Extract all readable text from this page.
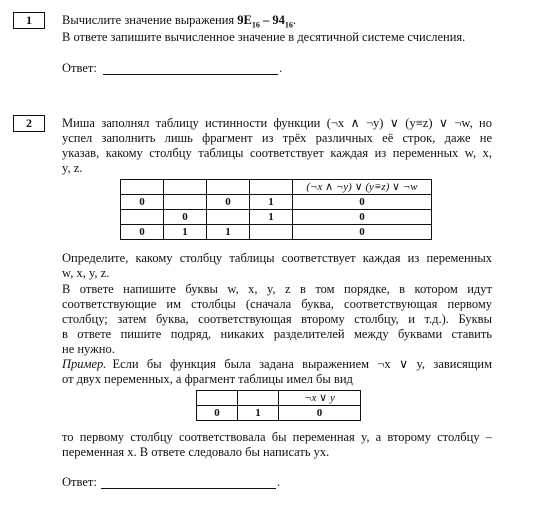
1	Вычислите значение выражения $9E_{16} - 94_{16}$.
В ответе запишите вычисленное значение в десятичной системе счисления.
Ответ:	.
2	Миша заполнял таблицу истинности функции (¬x ∧ ¬y) ∨ (y≡z) ∨ ¬w, но
успел заполнить лишь фрагмент из трёх различных её строк, даже не
указав, какому столбцу таблицы соответствует каждая из переменных w, x,
y, z.
				(¬x ∧ ¬y) ∨ (y≡z) ∨ ¬w
0		0	1	0
	0		1	0
0	1	1		0
Определите, какому столбцу таблицы соответствует каждая из переменных
w, x, y, z.
В ответе напишите буквы w, x, y, z в том порядке, в котором идут
соответствующие им столбцы (сначала буква, соответствующая первому
столбцу; затем буква, соответствующая второму столбцу, и т.д.). Буквы
в ответе пишите подряд, никаких разделителей между буквами ставить
не нужно.
Пример. Если бы функция была задана выражением ¬x ∨ y, зависящим
от двух переменных, а фрагмент таблицы имел бы вид
		¬x ∨ y
0	1	0
то первому столбцу соответствовала бы переменная y, а второму столбцу –
переменная x. В ответе следовало бы написать yx.
Ответ:	.
